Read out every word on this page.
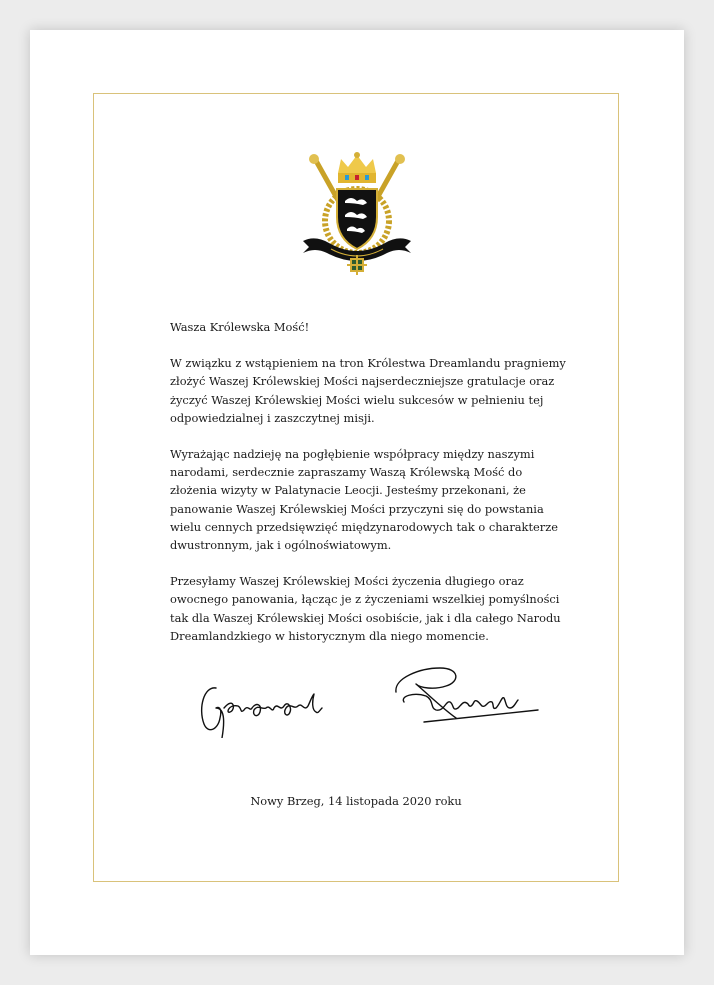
Wasza Królewska Mość!

W związku z wstąpieniem na tron Królestwa Dreamlandu pragniemy złożyć Waszej Królewskiej Mości najserdeczniejsze gratulacje oraz życzyć Waszej Królewskiej Mości wielu sukcesów w pełnieniu tej odpowiedzialnej i zaszczytnej misji.

Wyrażając nadzieję na pogłębienie współpracy między naszymi narodami, serdecznie zapraszamy Waszą Królewską Mość do złożenia wizyty w Palatynacie Leocji. Jesteśmy przekonani, że panowanie Waszej Królewskiej Mości przyczyni się do powstania wielu cennych przedsięwzięć międzynarodowych tak o charakterze dwustronnym, jak i ogólnoświatowym.

Przesyłamy Waszej Królewskiej Mości życzenia długiego oraz owocnego panowania, łącząc je z życzeniami wszelkiej pomyślności tak dla Waszej Królewskiej Mości osobiście, jak i dla całego Narodu Dreamlandzkiego w historycznym dla niego momencie.

Nowy Brzeg, 14 listopada 2020 roku
